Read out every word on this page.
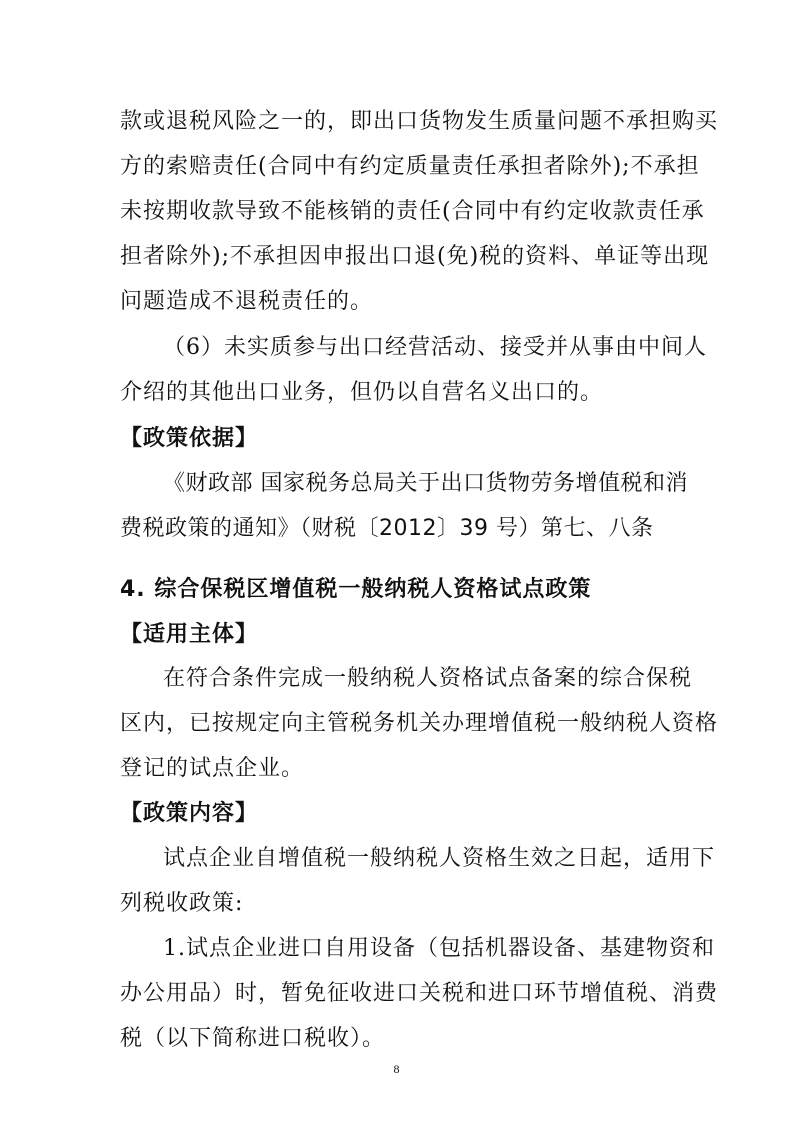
款或退税风险之一的，即出口货物发生质量问题不承担购买
方的索赔责任(合同中有约定质量责任承担者除外);不承担
未按期收款导致不能核销的责任(合同中有约定收款责任承
担者除外);不承担因申报出口退(免)税的资料、单证等出现
问题造成不退税责任的。
（6）未实质参与出口经营活动、接受并从事由中间人
介绍的其他出口业务，但仍以自营名义出口的。
【政策依据】
《财政部 国家税务总局关于出口货物劳务增值税和消
费税政策的通知》（财税〔2012〕39 号）第七、八条
4. 综合保税区增值税一般纳税人资格试点政策
【适用主体】
在符合条件完成一般纳税人资格试点备案的综合保税
区内，已按规定向主管税务机关办理增值税一般纳税人资格
登记的试点企业。
【政策内容】
试点企业自增值税一般纳税人资格生效之日起，适用下
列税收政策:
1.试点企业进口自用设备（包括机器设备、基建物资和
办公用品）时，暂免征收进口关税和进口环节增值税、消费
税（以下简称进口税收）。
8
